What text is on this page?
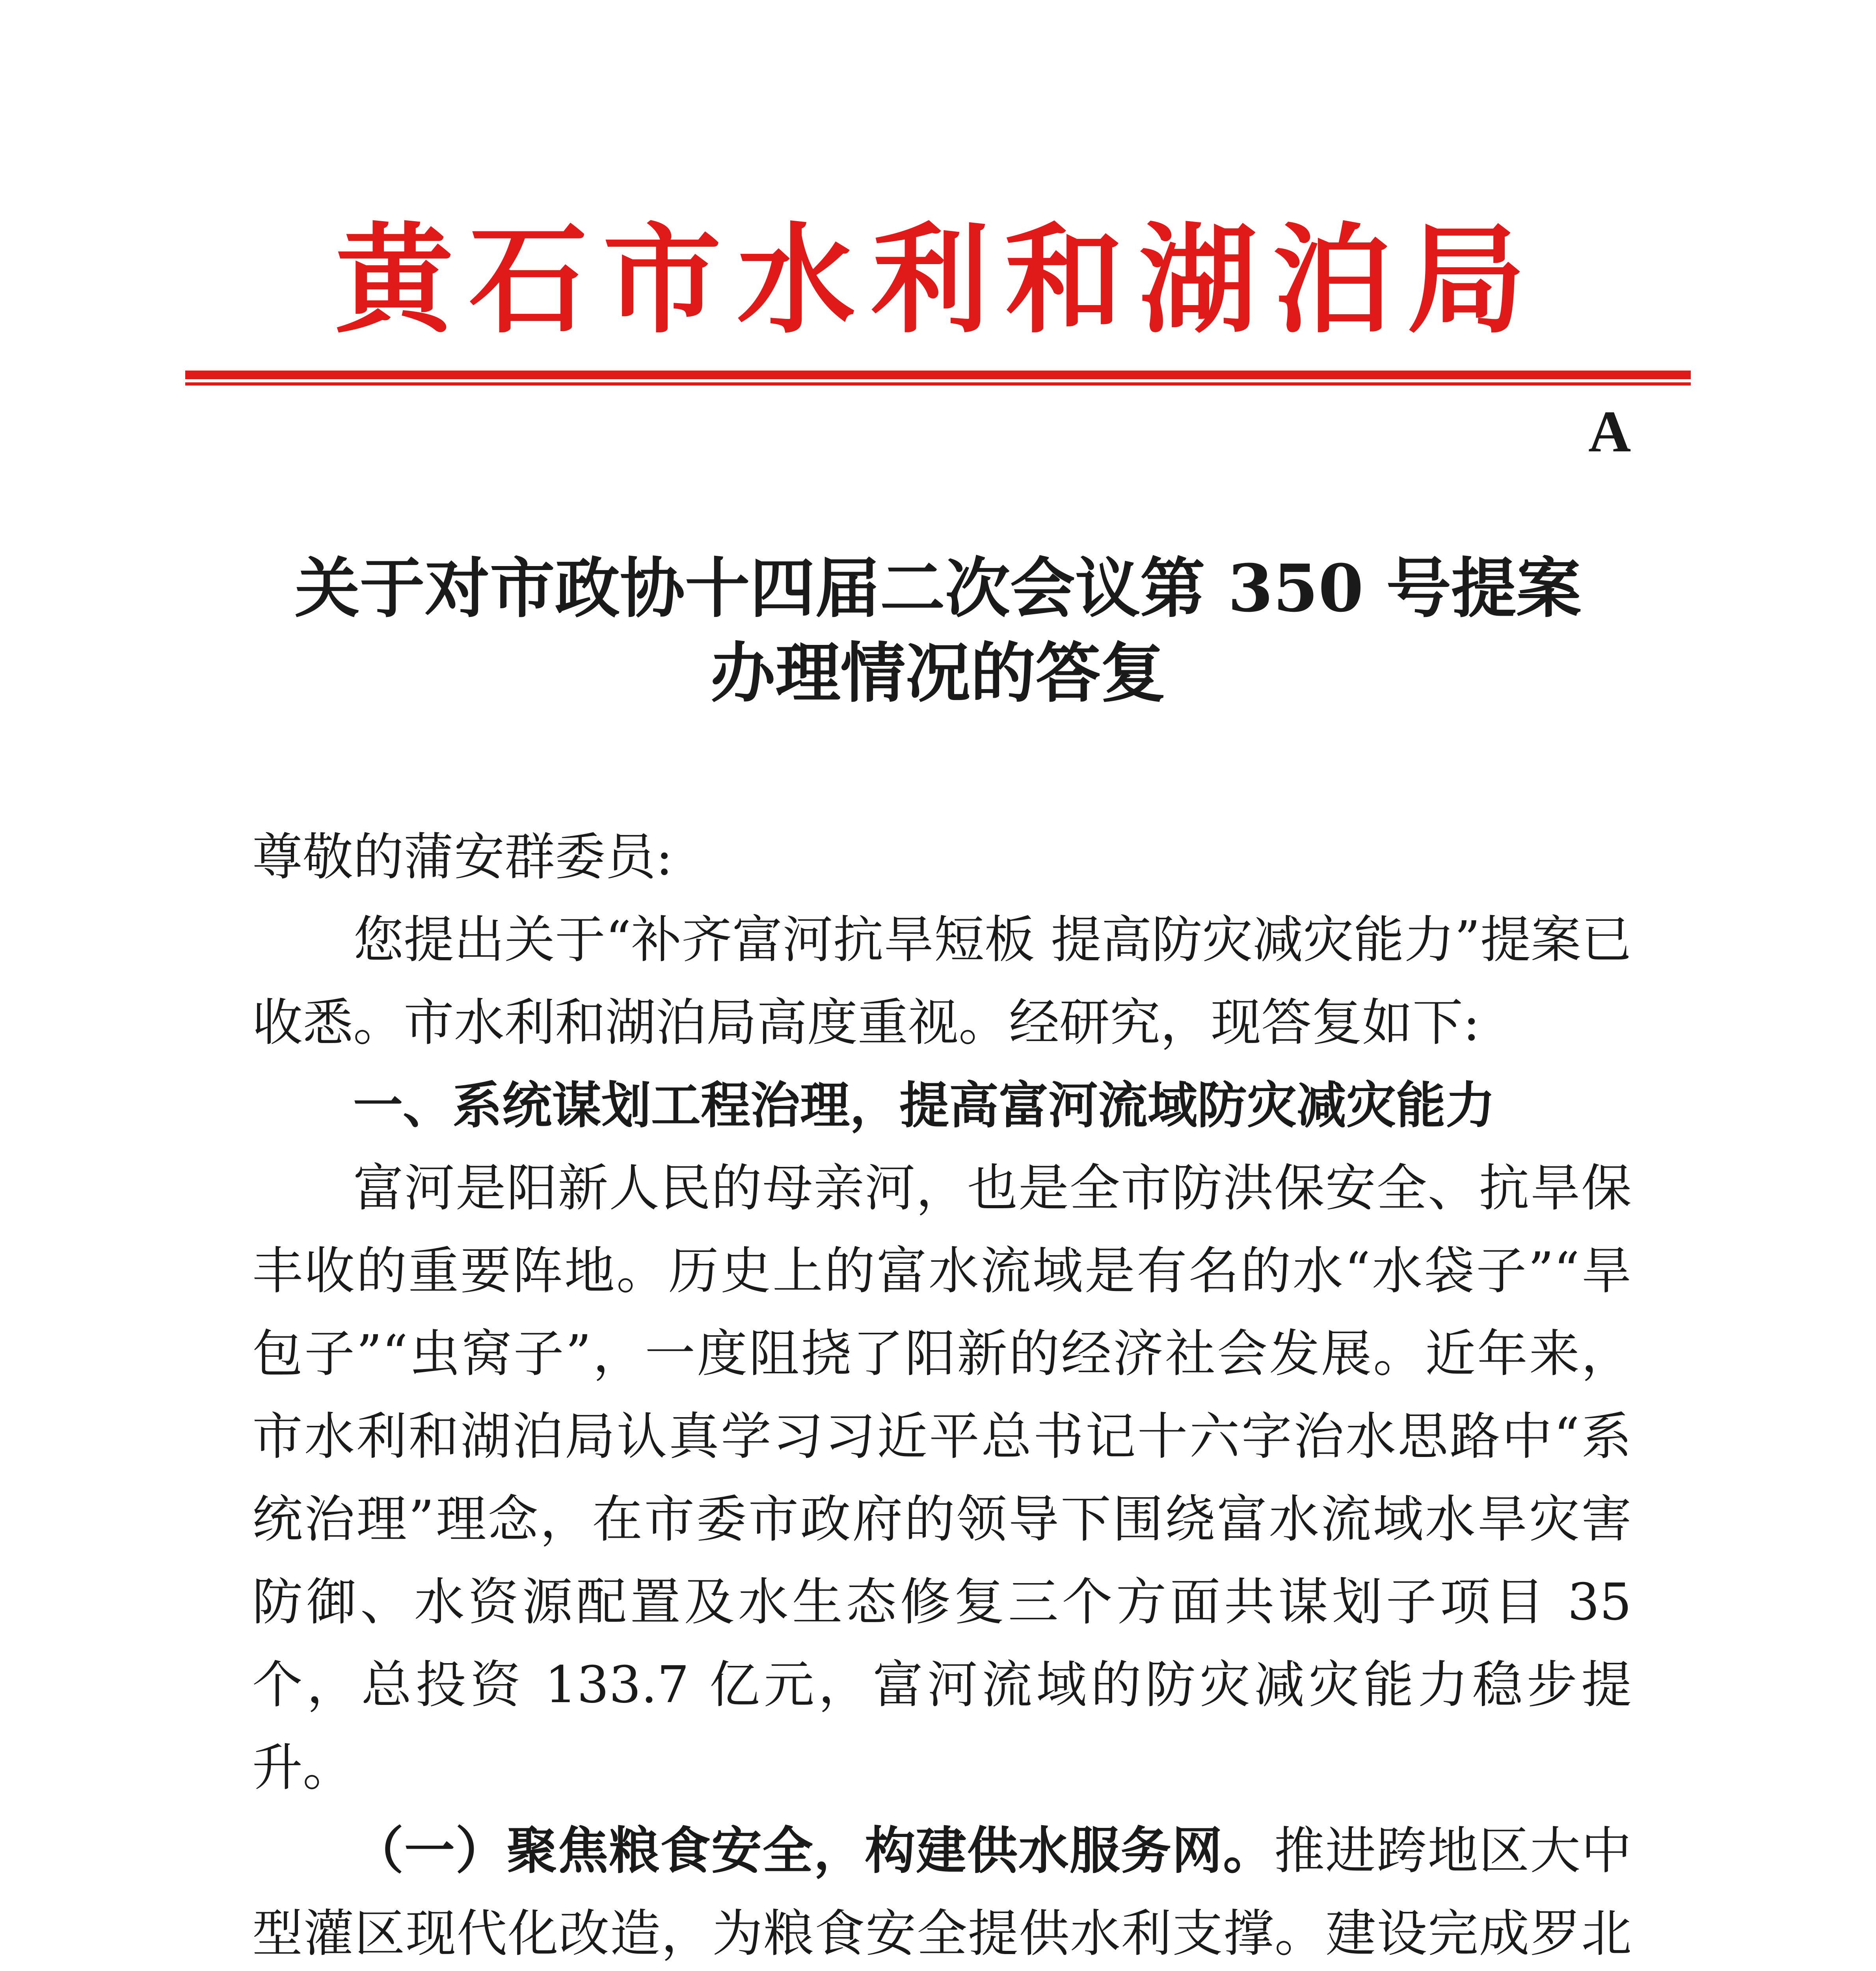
黄石市水利和湖泊局
A
关于对市政协十四届二次会议第 350 号提案
办理情况的答复

尊敬的蒲安群委员:

您提出关于“补齐富河抗旱短板 提高防灾减灾能力”提案已收悉。市水利和湖泊局高度重视。经研究，现答复如下:

一、系统谋划工程治理，提高富河流域防灾减灾能力

富河是阳新人民的母亲河，也是全市防洪保安全、抗旱保丰收的重要阵地。历史上的富水流域是有名的水“水袋子”“旱包子”“虫窝子”，一度阻挠了阳新的经济社会发展。近年来，市水利和湖泊局认真学习习近平总书记十六字治水思路中“系统治理”理念，在市委市政府的领导下围绕富水流域水旱灾害防御、水资源配置及水生态修复三个方面共谋划子项目 35 个，总投资 133.7 亿元，富河流域的防灾减灾能力稳步提升。

（一）聚焦粮食安全，构建供水服务网。推进跨地区大中型灌区现代化改造，为粮食安全提供水利支撑。建设完成罗北
